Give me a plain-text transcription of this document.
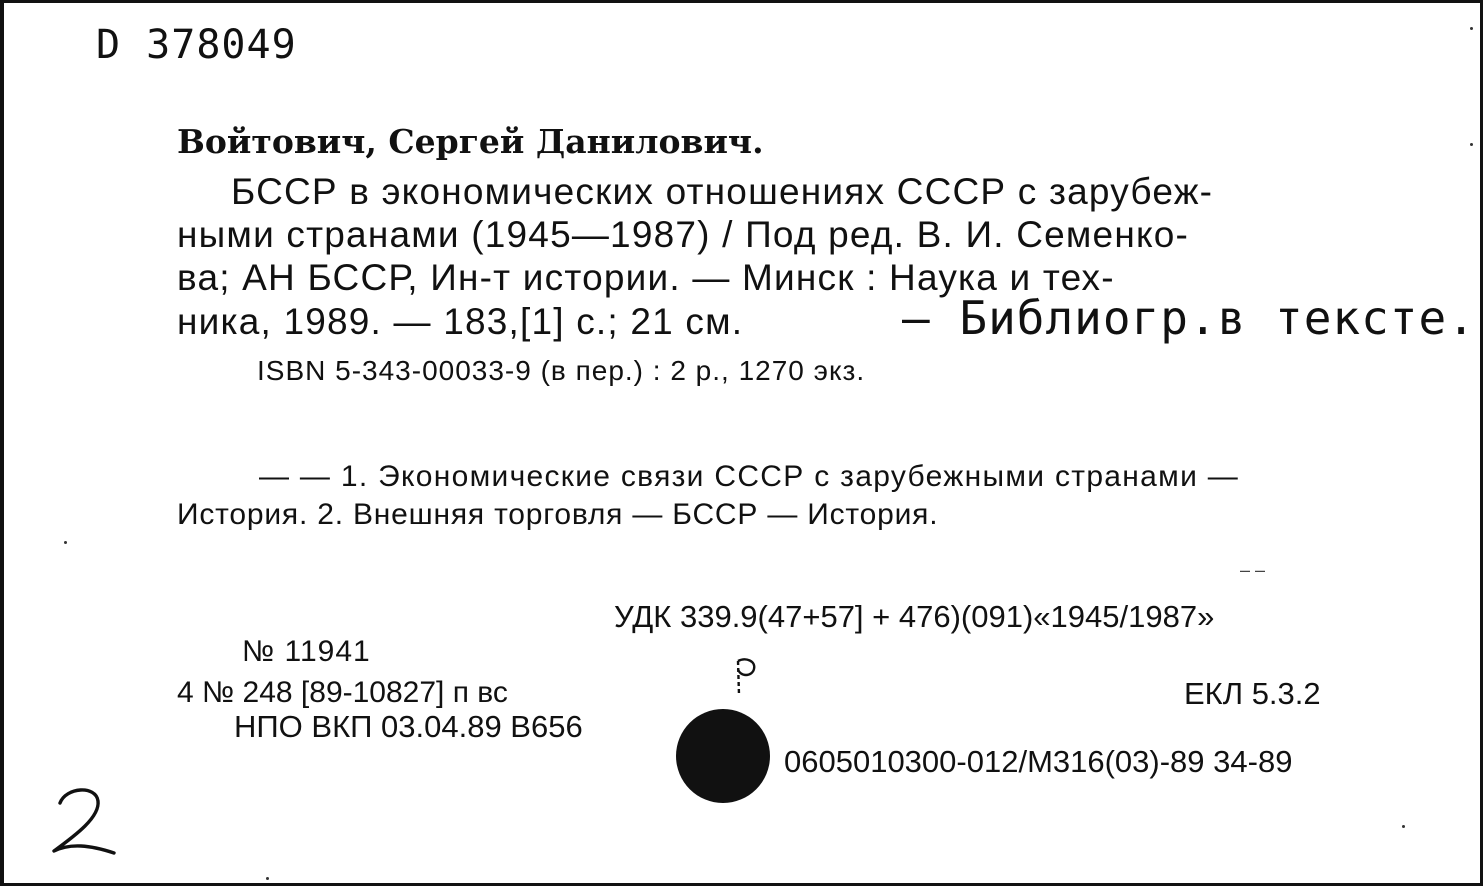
D 378049
Войтович, Сергей Данилович.
БССР в экономических отношениях СССР с зарубеж-
ными странами (1945—1987) / Под ред. В. И. Семенко-
ва; АН БССР, Ин-т истории. — Минск : Наука и тех-
ника, 1989. — 183,[1] с.; 21 см.	— Библиогр.в тексте.
ISBN 5-343-00033-9 (в пер.) : 2 р., 1270 экз.
— — 1. Экономические связи СССР с зарубежными странами —
История. 2. Внешняя торговля — БССР — История.
– –
УДК 339.9(47+57] + 476)(091)«1945/1987»
№ 11941
4 № 248 [89-10827] п вс	ЕКЛ 5.3.2
НПО ВКП 03.04.89 В656
0605010300-012/М316(03)-89 34-89
